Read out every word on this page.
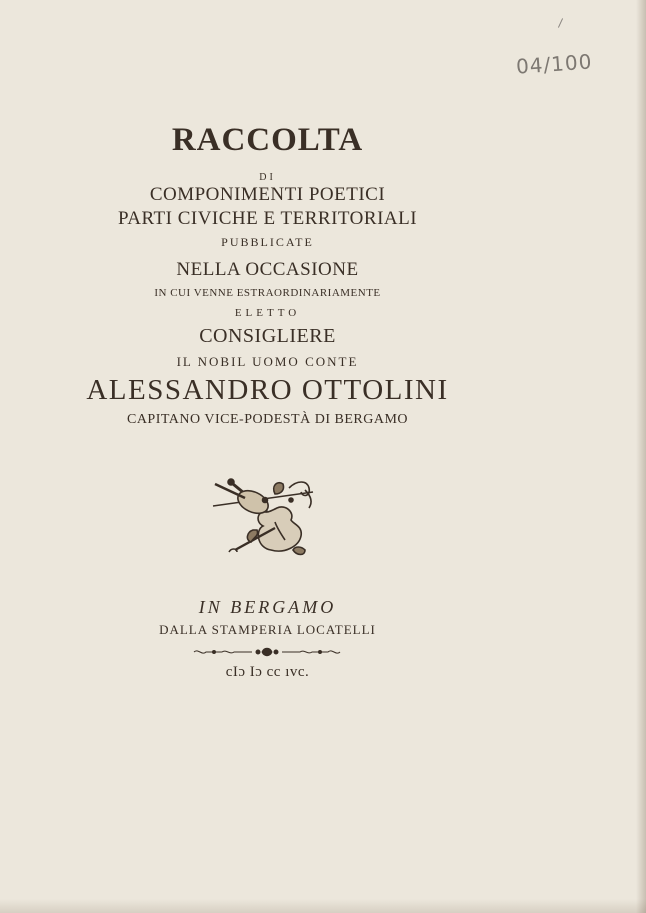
04/100
RACCOLTA
DI
COMPONIMENTI POETICI
PARTI CIVICHE E TERRITORIALI
PUBBLICATE
NELLA OCCASIONE
IN CUI VENNE ESTRAORDINARIAMENTE
ELETTO
CONSIGLIERE
IL NOBIL UOMO CONTE
ALESSANDRO OTTOLINI
CAPITANO VICE-PODESTÀ DI BERGAMO
IN BERGAMO
DALLA STAMPERIA LOCATELLI
cIɔ Iɔ cc ıvc.
